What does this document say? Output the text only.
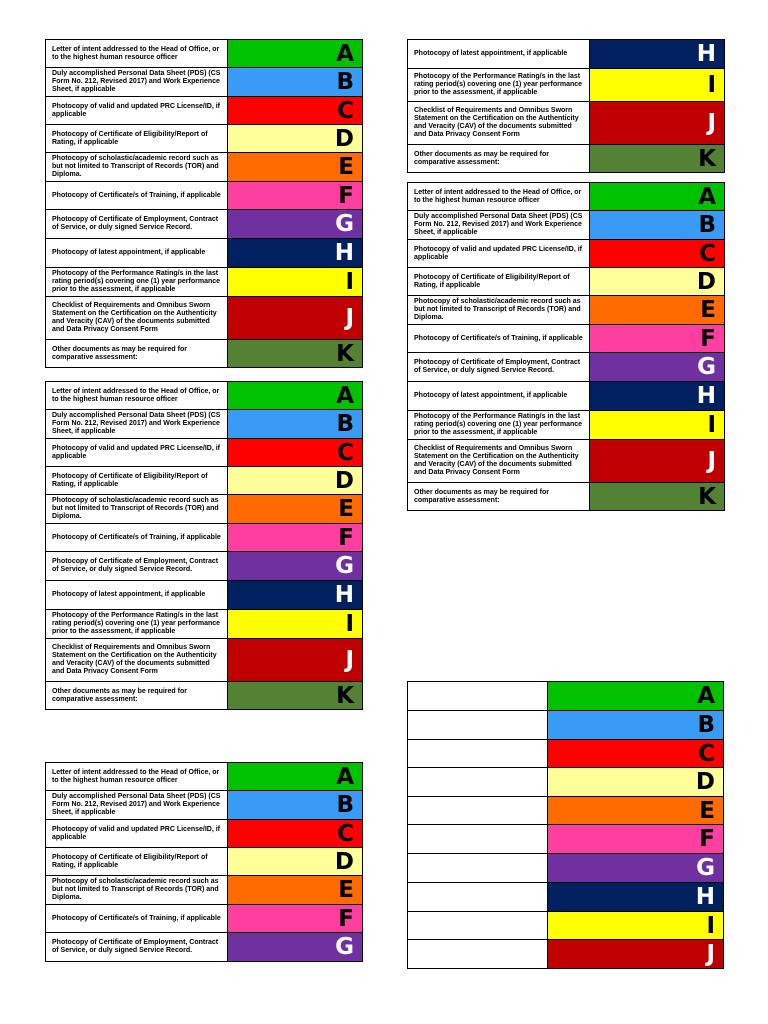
Letter of intent addressed to the Head of Office, or to the highest human resource officer	A
Duly accomplished Personal Data Sheet (PDS) (CS Form No. 212, Revised 2017) and Work Experience Sheet, if applicable	B
Photocopy of valid and updated PRC License/ID, if applicable	C
Photocopy of Certificate of Eligibility/Report of Rating, if applicable	D
Photocopy of scholastic/academic record such as but not limited to Transcript of Records (TOR) and Diploma.	E
Photocopy of Certificate/s of Training, if applicable	F
Photocopy of Certificate of Employment, Contract of Service, or duly signed Service Record.	G
Photocopy of latest appointment, if applicable	H
Photocopy of the Performance Rating/s in the last rating period(s) covering one (1) year performance prior to the assessment, if applicable	I
Checklist of Requirements and Omnibus Sworn Statement on the Certification on the Authenticity and Veracity (CAV) of the documents submitted and Data Privacy Consent Form	J
Other documents as may be required for comparative assessment:	K
Photocopy of latest appointment, if applicable	H
Photocopy of the Performance Rating/s in the last rating period(s) covering one (1) year performance prior to the assessment, if applicable	I
Checklist of Requirements and Omnibus Sworn Statement on the Certification on the Authenticity and Veracity (CAV) of the documents submitted and Data Privacy Consent Form	J
Other documents as may be required for comparative assessment:	K
Letter of intent addressed to the Head of Office, or to the highest human resource officer	A
Duly accomplished Personal Data Sheet (PDS) (CS Form No. 212, Revised 2017) and Work Experience Sheet, if applicable	B
Photocopy of valid and updated PRC License/ID, if applicable	C
Photocopy of Certificate of Eligibility/Report of Rating, if applicable	D
Photocopy of scholastic/academic record such as but not limited to Transcript of Records (TOR) and Diploma.	E
Photocopy of Certificate/s of Training, if applicable	F
Photocopy of Certificate of Employment, Contract of Service, or duly signed Service Record.	G
Photocopy of latest appointment, if applicable	H
Photocopy of the Performance Rating/s in the last rating period(s) covering one (1) year performance prior to the assessment, if applicable	I
Checklist of Requirements and Omnibus Sworn Statement on the Certification on the Authenticity and Veracity (CAV) of the documents submitted and Data Privacy Consent Form	J
Other documents as may be required for comparative assessment:	K
Letter of intent addressed to the Head of Office, or to the highest human resource officer	A
Duly accomplished Personal Data Sheet (PDS) (CS Form No. 212, Revised 2017) and Work Experience Sheet, if applicable	B
Photocopy of valid and updated PRC License/ID, if applicable	C
Photocopy of Certificate of Eligibility/Report of Rating, if applicable	D
Photocopy of scholastic/academic record such as but not limited to Transcript of Records (TOR) and Diploma.	E
Photocopy of Certificate/s of Training, if applicable	F
Photocopy of Certificate of Employment, Contract of Service, or duly signed Service Record.	G
Photocopy of latest appointment, if applicable	H
Photocopy of the Performance Rating/s in the last rating period(s) covering one (1) year performance prior to the assessment, if applicable	I
Checklist of Requirements and Omnibus Sworn Statement on the Certification on the Authenticity and Veracity (CAV) of the documents submitted and Data Privacy Consent Form	J
Other documents as may be required for comparative assessment:	K
Letter of intent addressed to the Head of Office, or to the highest human resource officer	A
Duly accomplished Personal Data Sheet (PDS) (CS Form No. 212, Revised 2017) and Work Experience Sheet, if applicable	B
Photocopy of valid and updated PRC License/ID, if applicable	C
Photocopy of Certificate of Eligibility/Report of Rating, if applicable	D
Photocopy of scholastic/academic record such as but not limited to Transcript of Records (TOR) and Diploma.	E
Photocopy of Certificate/s of Training, if applicable	F
Photocopy of Certificate of Employment, Contract of Service, or duly signed Service Record.	G
	A
	B
	C
	D
	E
	F
	G
	H
	I
	J
